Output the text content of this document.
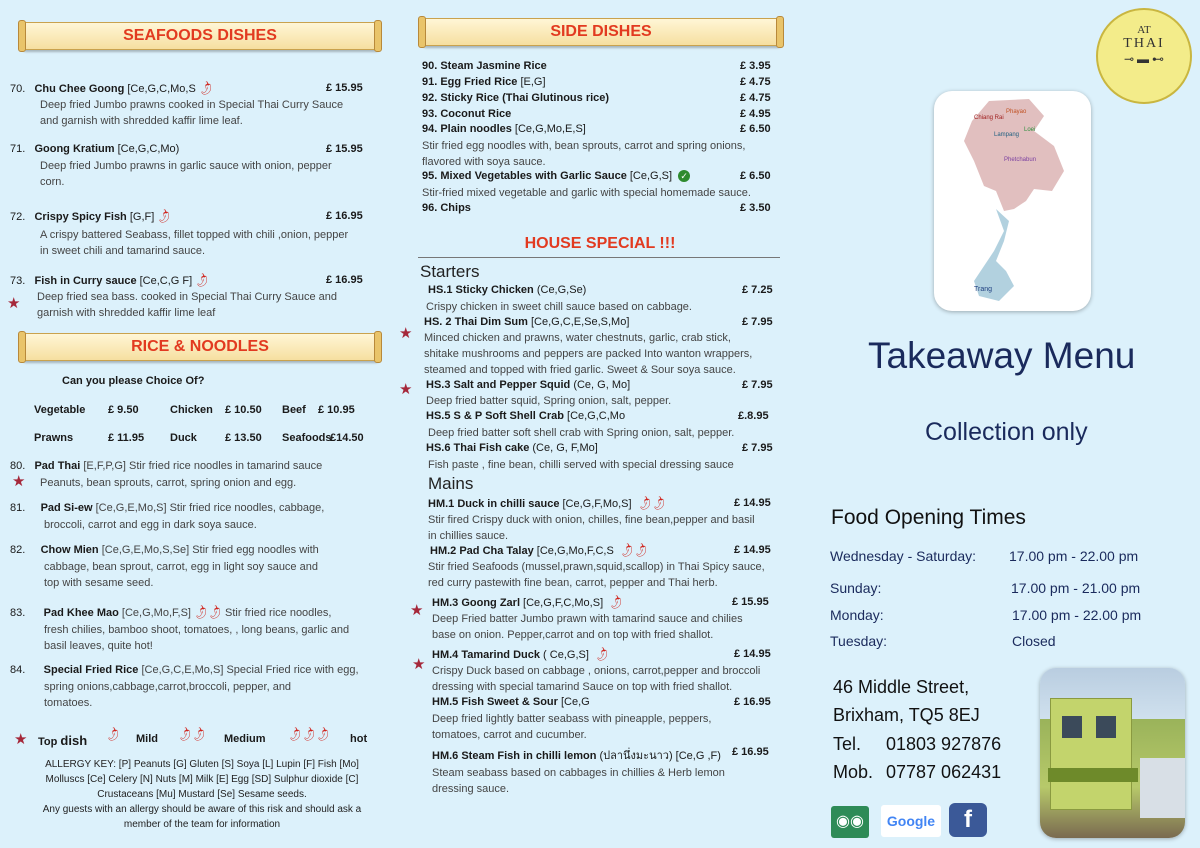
SEAFOODS DISHES
70. Chu Chee Goong [Ce,G,C,Mo,S 🌶	£ 15.95
Deep fried Jumbo prawns cooked in Special Thai Curry Sauce
and garnish with shredded kaffir lime leaf.
71. Goong Kratium [Ce,G,C,Mo)	£ 15.95
Deep fried Jumbo prawns in garlic sauce with onion, pepper
corn.
72. Crispy Spicy Fish [G,F] 🌶	£ 16.95
A crispy battered Seabass, fillet topped with chili ,onion, pepper
in sweet chili and tamarind sauce.
73. Fish in Curry sauce [Ce,C,G F] 🌶	£ 16.95
★ Deep fried sea bass. cooked in Special Thai Curry Sauce and
garnish with shredded kaffir lime leaf
RICE & NOODLES
Can you please Choice Of?
Vegetable £ 9.50	Chicken £ 10.50 Beef £ 10.95
Prawns	£ 11.95 Duck	£ 13.50 Seafoods
£14.50
80. Pad Thai [E,F,P,G] Stir fried rice noodles in tamarind sauce
★ Peanuts, bean sprouts, carrot, spring onion and egg.
81. Pad Si-ew [Ce,G,E,Mo,S] Stir fried rice noodles, cabbage,
broccoli, carrot and egg in dark soya sauce.
82. Chow Mien [Ce,G,E,Mo,S,Se] Stir fried egg noodles with
cabbage, bean sprout, carrot, egg in light soy sauce and
top with sesame seed.
83. Pad Khee Mao [Ce,G,Mo,F,S] 🌶🌶 Stir fried rice noodles,
fresh chilies, bamboo shoot, tomatoes, , long beans, garlic and
basil leaves, quite hot!
84. Special Fried Rice [Ce,G,C,E,Mo,S] Special Fried rice with egg,
spring onions,cabbage,carrot,broccoli, pepper, and
tomatoes.
★ Top dish 🌶 Mild 🌶
🌶 Medium 🌶
🌶
🌶 hot
ALLERGY KEY: [P] Peanuts [G] Gluten [S] Soya [L] Lupin [F] Fish [Mo]
Molluscs [Ce] Celery [N] Nuts [M] Milk [E] Egg [SD] Sulphur dioxide [C]
Crustaceans [Mu] Mustard [Se] Sesame seeds.
Any guests with an allergy should be aware of this risk and should ask a
member of the team for information
SIDE DISHES
90. Steam Jasmine Rice	£ 3.95
91. Egg Fried Rice [E,G]	£ 4.75
92. Sticky Rice (Thai Glutinous rice)	£ 4.75
93. Coconut Rice	£ 4.95
94. Plain noodles [Ce,G,Mo,E,S]	£ 6.50
Stir fried egg noodles with, bean sprouts, carrot and spring onions,
flavored with soya sauce.
95. Mixed Vegetables with Garlic Sauce [Ce,G,S] ✓	£ 6.50
Stir-fried mixed vegetable and garlic with special homemade sauce.
96. Chips	£ 3.50
HOUSE SPECIAL !!!
Starters
HS.1 Sticky Chicken (Ce,G,Se)	£ 7.25
Crispy chicken in sweet chill sauce based on cabbage.
★
HS. 2 Thai Dim Sum [Ce,G,C,E,Se,S,Mo]	£ 7.95
Minced chicken and prawns, water chestnuts, garlic, crab stick,
shitake mushrooms and peppers are packed Into wanton wrappers,
steamed and topped with fried garlic. Sweet & Sour soya sauce.
★ HS.3 Salt and Pepper Squid (Ce, G, Mo]	£ 7.95
Deep fried batter squid, Spring onion, salt, pepper.
HS.5 S & P Soft Shell Crab [Ce,G,C,Mo	£.8.95
Deep fried batter soft shell crab with Spring onion, salt, pepper.
HS.6 Thai Fish cake (Ce, G, F,Mo]	£ 7.95
Fish paste , fine bean, chilli served with special dressing sauce
Mains
HM.1 Duck in chilli sauce [Ce,G,F,Mo,S] 🌶🌶	£ 14.95
Stir fired Crispy duck with onion, chilles, fine bean,pepper and basil
in chillies sauce.
HM.2 Pad Cha Talay [Ce,G,Mo,F,C,S 🌶🌶	£ 14.95
Stir fried Seafoods (mussel,prawn,squid,scallop) in Thai Spicy sauce,
red curry pastewith fine bean, carrot, pepper and Thai herb.
★ HM.3 Goong Zarl [Ce,G,F,C,Mo,S] 🌶	£ 15.95
Deep Fried batter Jumbo prawn with tamarind sauce and chilies
base on onion. Pepper,carrot and on top with fried shallot.
★
HM.4 Tamarind Duck ( Ce,G,S] 🌶	£ 14.95
Crispy Duck based on cabbage , onions, carrot,pepper and broccoli
dressing with special tamarind Sauce on top with fried shallot.
HM.5 Fish Sweet & Sour [Ce,G	£ 16.95
Deep fried lightly batter seabass with pineapple, peppers,
tomatoes, carrot and cucumber.
HM.6 Steam Fish in chilli lemon (ปลานึ่งมะนาว) [Ce,G ,F) £ 16.95
Steam seabass based on cabbages in chillies & Herb lemon
dressing sauce.
AT
THAI
⊸ ▬ ⊷
Chiang Rai
Phayao
Lampang
Loei
Phetchabun
Trang
Takeaway Menu
Collection only
Food Opening Times
Wednesday - Saturday: 17.00 pm - 22.00 pm
Sunday:	17.00 pm - 21.00 pm
Monday:	17.00 pm - 22.00 pm
Tuesday:	Closed
46 Middle Street,
Brixham, TQ5 8EJ
Tel. 01803 927876
Mob. 07787 062431
◉◉	Google	f
